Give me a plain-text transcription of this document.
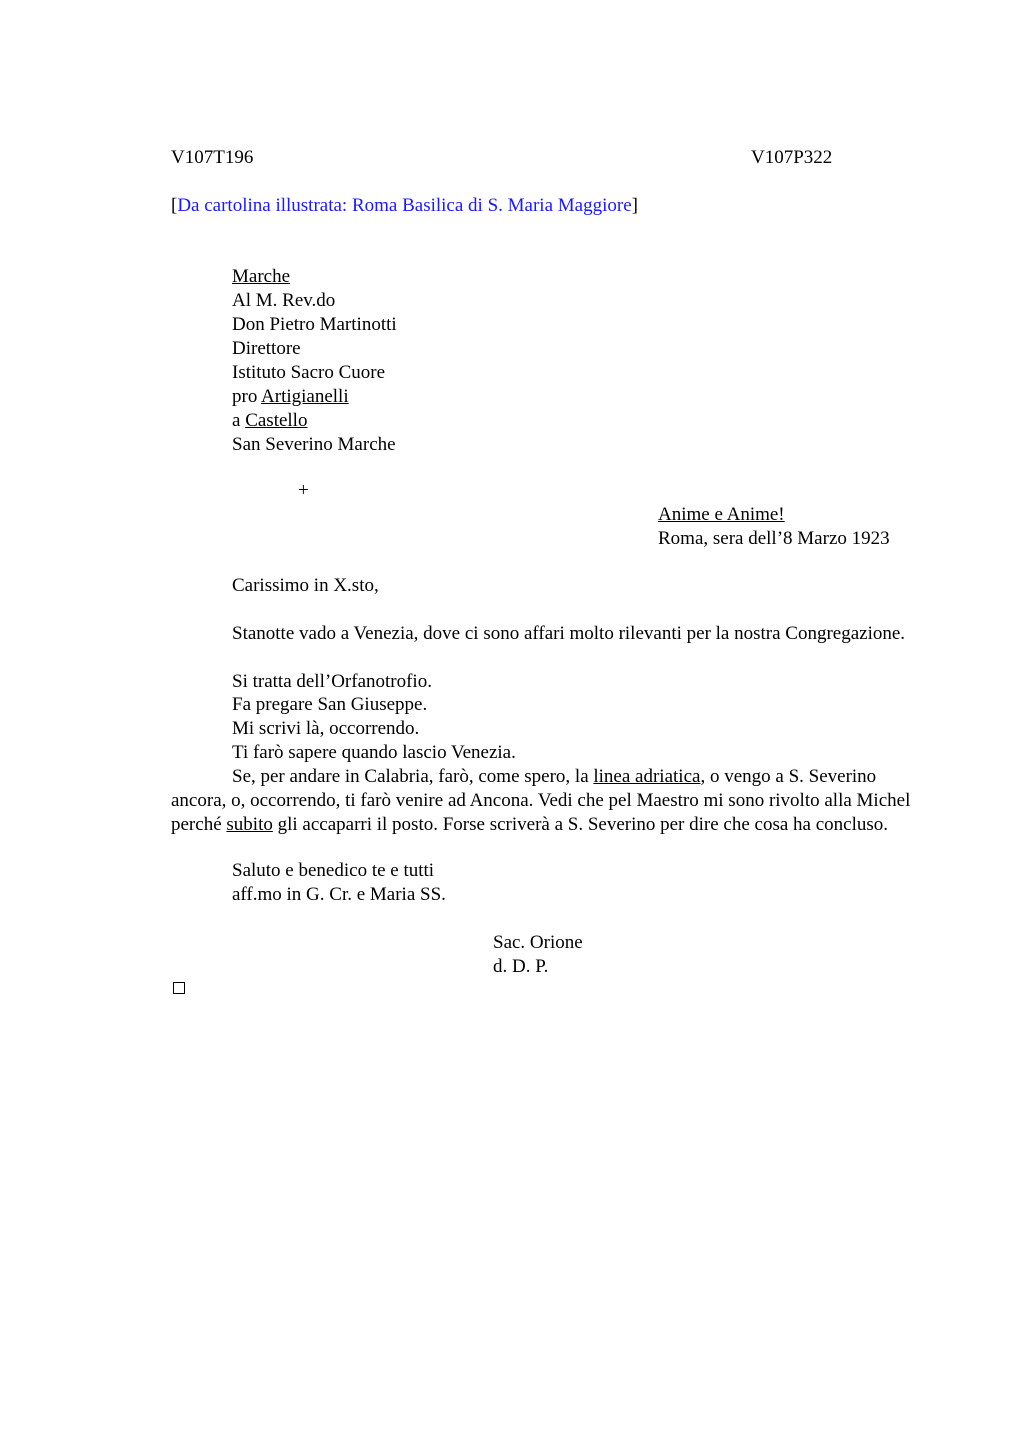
V107T196	V107P322
[Da cartolina illustrata: Roma Basilica di S. Maria Maggiore]
Marche
Al M. Rev.do
Don Pietro Martinotti
Direttore
Istituto Sacro Cuore
pro Artigianelli
a Castello
San Severino Marche
+
Anime e Anime!
Roma, sera dell’8 Marzo 1923
Carissimo in X.sto,
Stanotte vado a Venezia, dove ci sono affari molto rilevanti per la nostra Congregazione.
Si tratta dell’Orfanotrofio.
Fa pregare San Giuseppe.
Mi scrivi là, occorrendo.
Ti farò sapere quando lascio Venezia.
Se, per andare in Calabria, farò, come spero, la linea adriatica, o vengo a S. Severino ancora, o, occorrendo, ti farò venire ad Ancona. Vedi che pel Maestro mi sono rivolto alla Michel perché subito gli accaparri il posto. Forse scriverà a S. Severino per dire che cosa ha concluso.
Saluto e benedico te e tutti
aff.mo in G. Cr. e Maria SS.
Sac. Orione
d. D. P.
